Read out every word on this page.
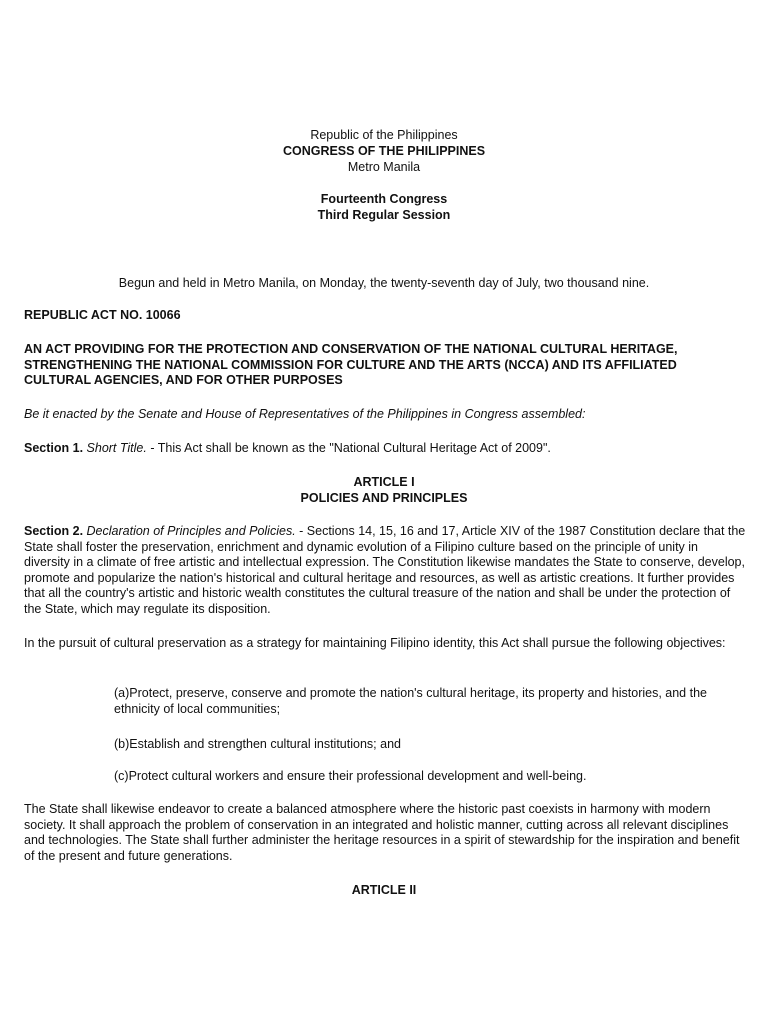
Republic of the Philippines
CONGRESS OF THE PHILIPPINES
Metro Manila
Fourteenth Congress
Third Regular Session
Begun and held in Metro Manila, on Monday, the twenty-seventh day of July, two thousand nine.
REPUBLIC ACT NO. 10066
AN ACT PROVIDING FOR THE PROTECTION AND CONSERVATION OF THE NATIONAL CULTURAL HERITAGE, STRENGTHENING THE NATIONAL COMMISSION FOR CULTURE AND THE ARTS (NCCA) AND ITS AFFILIATED CULTURAL AGENCIES, AND FOR OTHER PURPOSES
Be it enacted by the Senate and House of Representatives of the Philippines in Congress assembled:

Section 1. Short Title. - This Act shall be known as the "National Cultural Heritage Act of 2009".

ARTICLE I
POLICIES AND PRINCIPLES

Section 2. Declaration of Principles and Policies. - Sections 14, 15, 16 and 17, Article XIV of the 1987 Constitution declare that the State shall foster the preservation, enrichment and dynamic evolution of a Filipino culture based on the principle of unity in diversity in a climate of free artistic and intellectual expression. The Constitution likewise mandates the State to conserve, develop, promote and popularize the nation's historical and cultural heritage and resources, as well as artistic creations. It further provides that all the country's artistic and historic wealth constitutes the cultural treasure of the nation and shall be under the protection of the State, which may regulate its disposition.

In the pursuit of cultural preservation as a strategy for maintaining Filipino identity, this Act shall pursue the following objectives:
(a)Protect, preserve, conserve and promote the nation's cultural heritage, its property and histories, and the ethnicity of local communities;
(b)Establish and strengthen cultural institutions; and
(c)Protect cultural workers and ensure their professional development and well-being.
The State shall likewise endeavor to create a balanced atmosphere where the historic past coexists in harmony with modern society. It shall approach the problem of conservation in an integrated and holistic manner, cutting across all relevant disciplines and technologies. The State shall further administer the heritage resources in a spirit of stewardship for the inspiration and benefit of the present and future generations.
ARTICLE II
